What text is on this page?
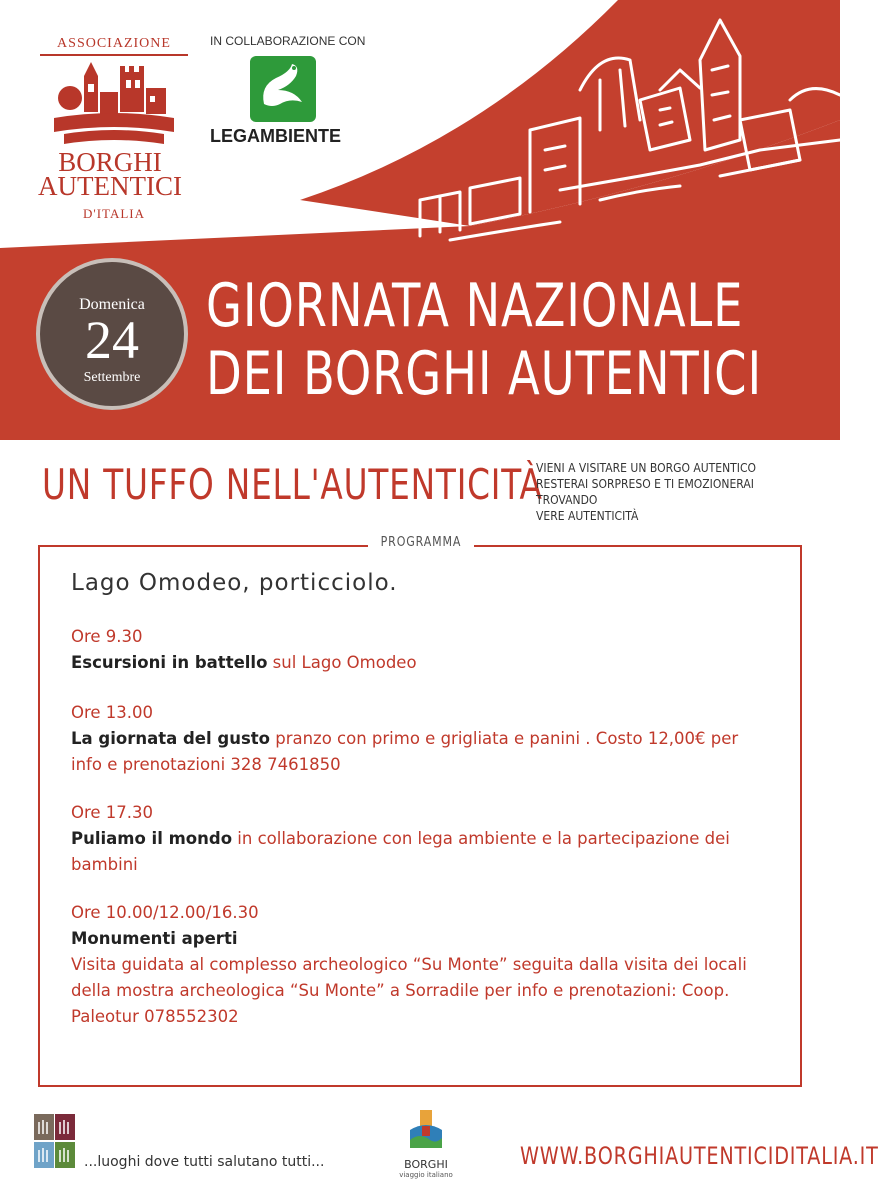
ASSOCIAZIONE
BORGHI
AUTENTICI
D'ITALIA
IN COLLABORAZIONE CON
LEGAMBIENTE
Domenica
24
Settembre
GIORNATA NAZIONALE
DEI BORGHI AUTENTICI
UN TUFFO NELL'AUTENTICITÀ
VIENI A VISITARE UN BORGO AUTENTICO
RESTERAI SORPRESO E TI EMOZIONERAI TROVANDO
VERE AUTENTICITÀ
PROGRAMMA
Lago Omodeo, porticciolo.
Ore 9.30
Escursioni in battello sul Lago Omodeo
Ore 13.00
La giornata del gusto pranzo con primo e grigliata e panini . Costo 12,00€ per info e prenotazioni 328 7461850
Ore 17.30
Puliamo il mondo in collaborazione con lega ambiente e la partecipazione dei bambini
Ore 10.00/12.00/16.30
Monumenti aperti
Visita guidata al complesso archeologico “Su Monte” seguita dalla visita dei locali della mostra archeologica “Su Monte” a Sorradile per info e prenotazioni: Coop. Paleotur 078552302
...luoghi dove tutti salutano tutti...	BORGHI
viaggio italiano
WWW.BORGHIAUTENTICIDITALIA.IT
